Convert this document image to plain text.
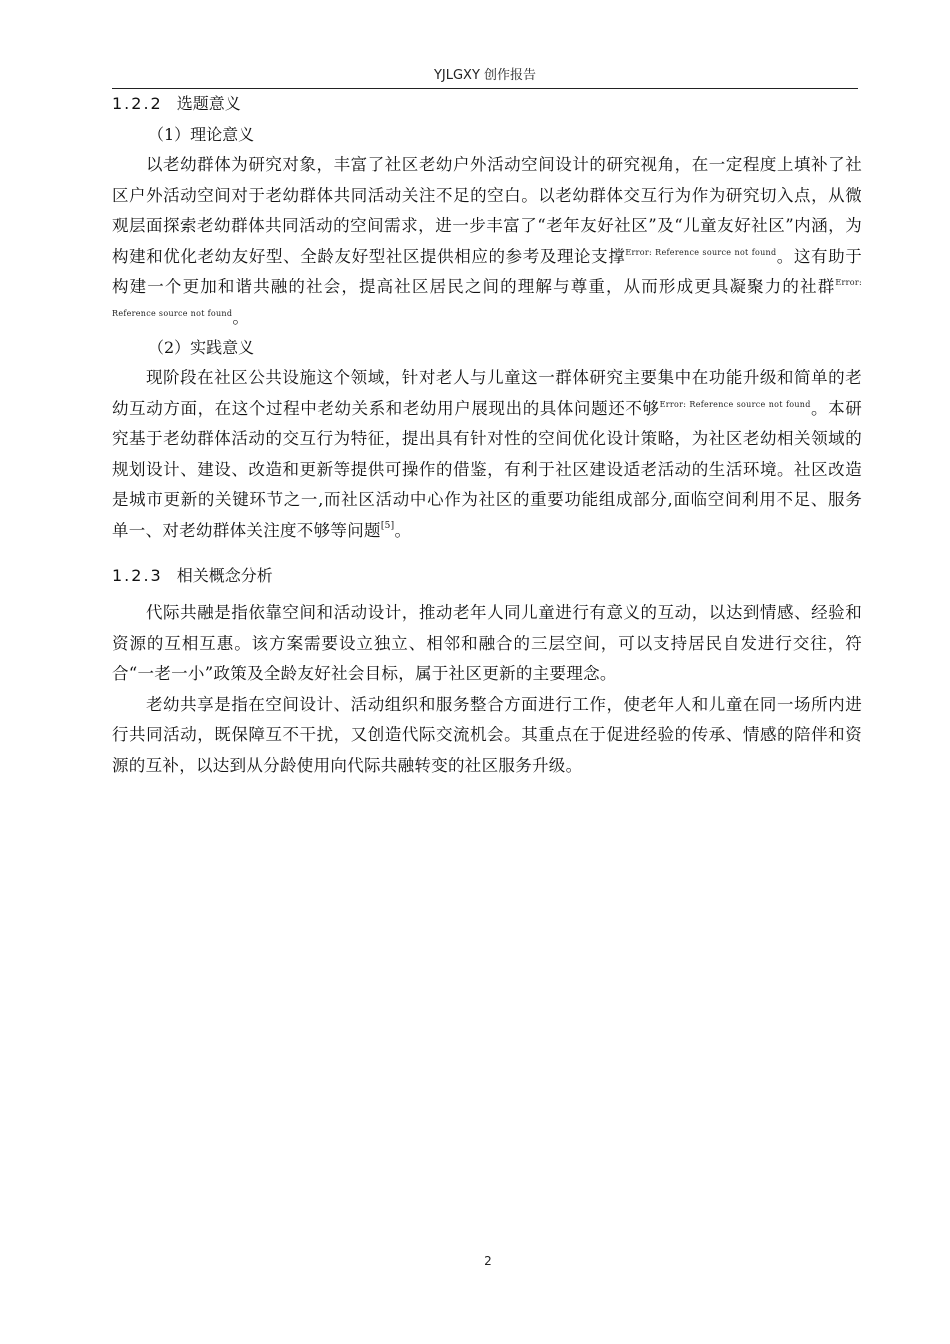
YJLGXY 创作报告
1.2.2 选题意义
（1）理论意义

以老幼群体为研究对象，丰富了社区老幼户外活动空间设计的研究视角，在一定程度上填补了社区户外活动空间对于老幼群体共同活动关注不足的空白。以老幼群体交互行为作为研究切入点，从微观层面探索老幼群体共同活动的空间需求，进一步丰富了“老年友好社区”及“儿童友好社区”内涵，为构建和优化老幼友好型、全龄友好型社区提供相应的参考及理论支撑$^{Error: Reference source not found}$。这有助于构建一个更加和谐共融的社会，提高社区居民之间的理解与尊重，从而形成更具凝聚力的社群$^{Error: Reference source not found}$。

（2）实践意义

现阶段在社区公共设施这个领域，针对老人与儿童这一群体研究主要集中在功能升级和简单的老幼互动方面，在这个过程中老幼关系和老幼用户展现出的具体问题还不够$^{Error: Reference source not found}$。本研究基于老幼群体活动的交互行为特征，提出具有针对性的空间优化设计策略，为社区老幼相关领域的规划设计、建设、改造和更新等提供可操作的借鉴，有利于社区建设适老活动的生活环境。社区改造是城市更新的关键环节之一,而社区活动中心作为社区的重要功能组成部分,面临空间利用不足、服务单一、对老幼群体关注度不够等问题[5]。

1.2.3 相关概念分析

代际共融是指依靠空间和活动设计，推动老年人同儿童进行有意义的互动，以达到情感、经验和资源的互相互惠。该方案需要设立独立、相邻和融合的三层空间，可以支持居民自发进行交往，符合“一老一小”政策及全龄友好社会目标，属于社区更新的主要理念。

老幼共享是指在空间设计、活动组织和服务整合方面进行工作，使老年人和儿童在同一场所内进行共同活动，既保障互不干扰，又创造代际交流机会。其重点在于促进经验的传承、情感的陪伴和资源的互补，以达到从分龄使用向代际共融转变的社区服务升级。

2
